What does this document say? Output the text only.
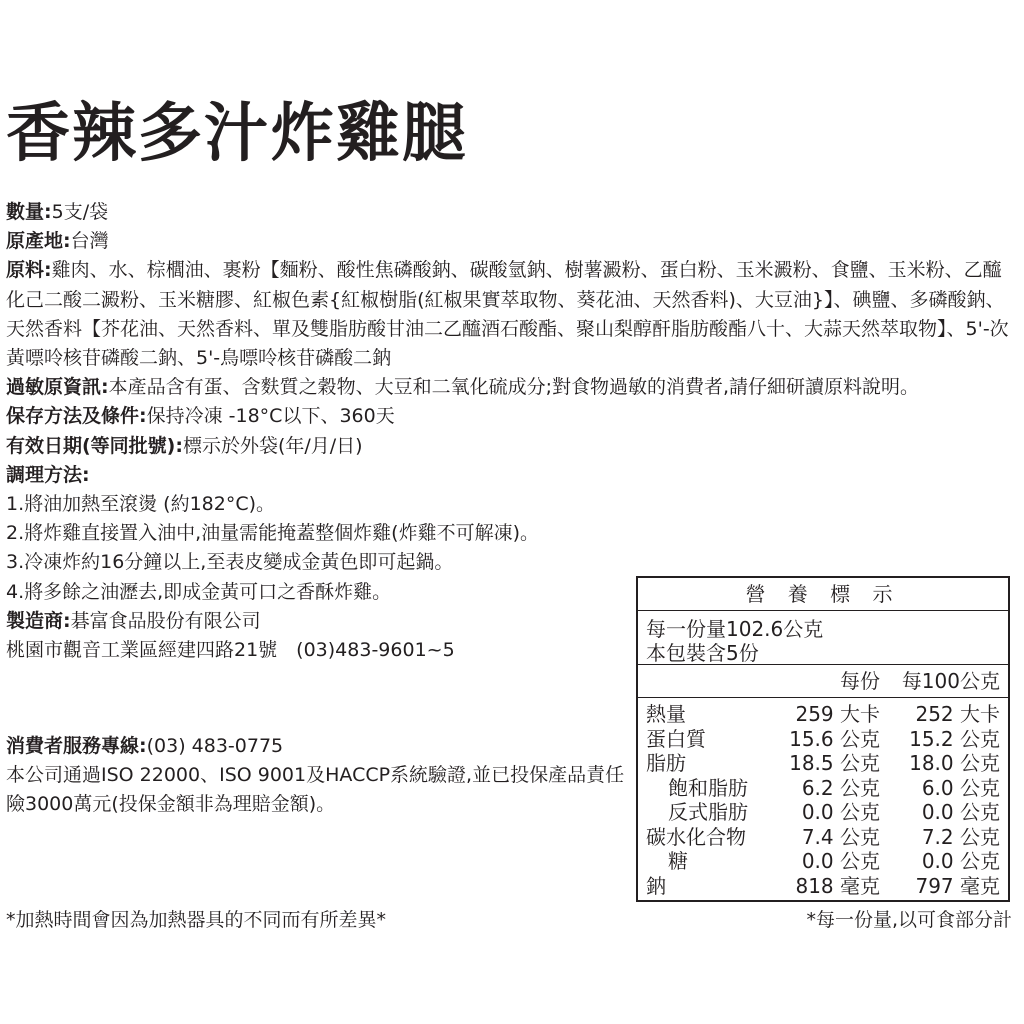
香辣多汁炸雞腿
數量:5支/袋
原產地:台灣
原料:雞肉、水、棕櫚油、裹粉【麵粉、酸性焦磷酸鈉、碳酸氫鈉、樹薯澱粉、蛋白粉、玉米澱粉、食鹽、玉米粉、乙醯化己二酸二澱粉、玉米糖膠、紅椒色素{紅椒樹脂(紅椒果實萃取物、葵花油、天然香料)、大豆油}】、碘鹽、多磷酸鈉、天然香料【芥花油、天然香料、單及雙脂肪酸甘油二乙醯酒石酸酯、聚山梨醇酐脂肪酸酯八十、大蒜天然萃取物】、5'-次黃嘌呤核苷磷酸二鈉、5'-鳥嘌呤核苷磷酸二鈉
過敏原資訊:本產品含有蛋、含麩質之穀物、大豆和二氧化硫成分;對食物過敏的消費者,請仔細研讀原料說明。
保存方法及條件:保持冷凍 -18°C以下、360天
有效日期(等同批號):標示於外袋(年/月/日)
調理方法:
1.將油加熱至滾燙 (約182°C)。
2.將炸雞直接置入油中,油量需能掩蓋整個炸雞(炸雞不可解凍)。
3.冷凍炸約16分鐘以上,至表皮變成金黃色即可起鍋。
4.將多餘之油瀝去,即成金黃可口之香酥炸雞。
製造商:碁富食品股份有限公司
桃園市觀音工業區經建四路21號　(03)483-9601~5
消費者服務專線:(03) 483-0775
本公司通過ISO 22000、ISO 9001及HACCP系統驗證,並已投保產品責任險3000萬元(投保金額非為理賠金額)。
營 養 標 示
每一份量102.6公克
本包裝含5份
每份 每100公克
熱量	259 大卡 252 大卡
蛋白質	15.6 公克 15.2 公克
脂肪	18.5 公克 18.0 公克
飽和脂肪	6.2 公克 6.0 公克
反式脂肪	0.0 公克 0.0 公克
碳水化合物	7.4 公克 7.2 公克
糖	0.0 公克 0.0 公克
鈉	818 毫克 797 毫克
*加熱時間會因為加熱器具的不同而有所差異*	*每一份量,以可食部分計
